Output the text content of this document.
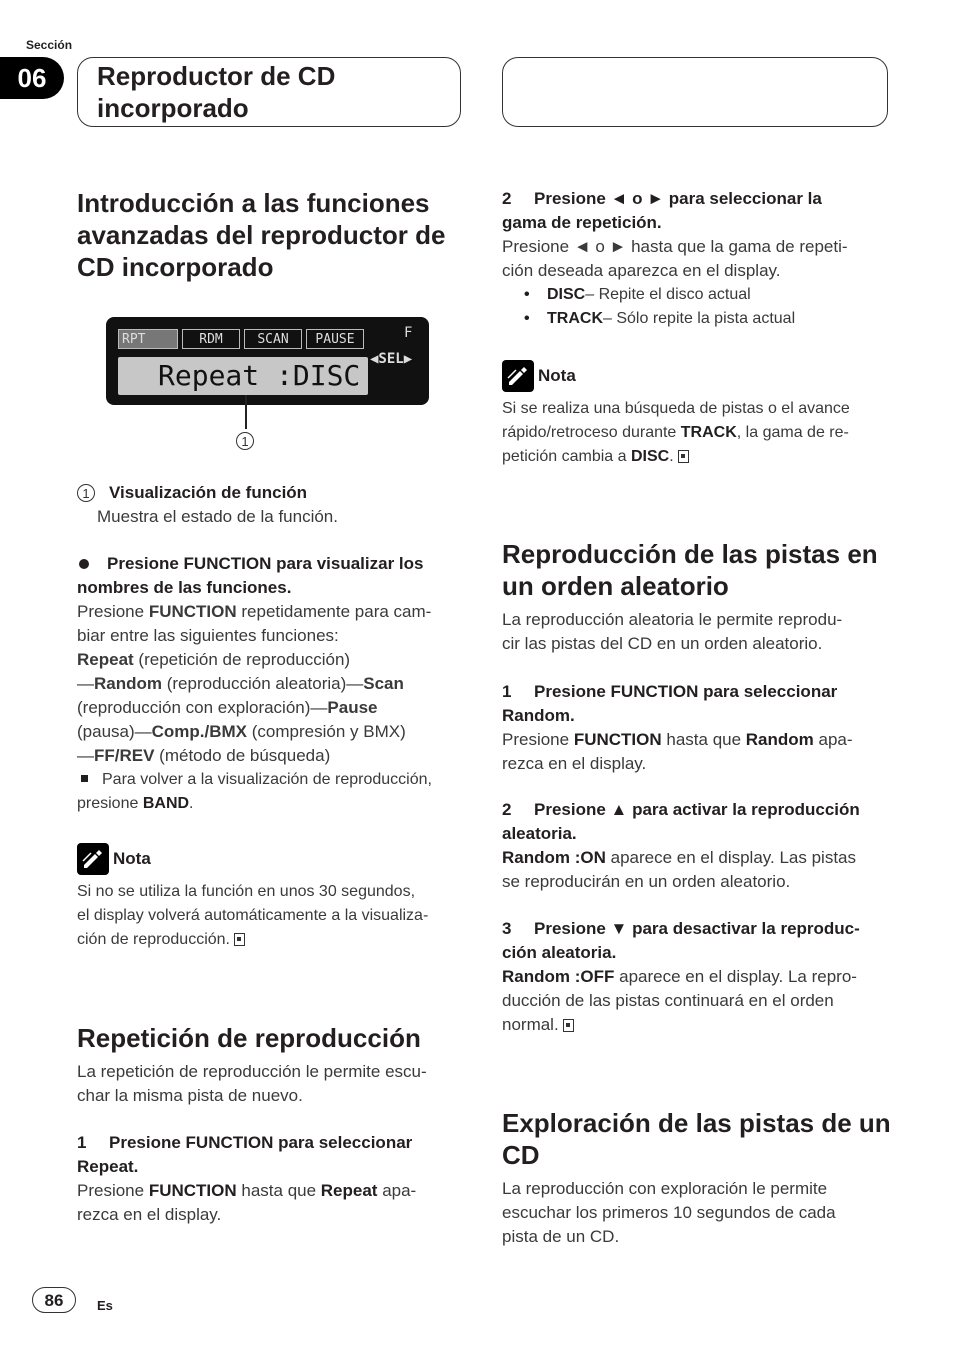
Sección
06	Reproductor de CD incorporado
Introducción a las funciones avanzadas del reproductor de CD incorporado
RPT	RDM	SCAN	PAUSE	F
Repeat :DISC ◀SEL▶
1
1 Visualización de función
Muestra el estado de la función.
Presione FUNCTION para visualizar los
nombres de las funciones.
Presione FUNCTION repetidamente para cam-
biar entre las siguientes funciones:
Repeat (repetición de reproducción)
—Random (reproducción aleatoria)—Scan
(reproducción con exploración)—Pause
(pausa)—Comp./BMX (compresión y BMX)
—FF/REV (método de búsqueda)
Para volver a la visualización de reproducción,
presione BAND.
Nota
Si no se utiliza la función en unos 30 segundos,
el display volverá automáticamente a la visualiza-
ción de reproducción.
Repetición de reproducción
La repetición de reproducción le permite escu-
char la misma pista de nuevo.
1 Presione FUNCTION para seleccionar
Repeat.
Presione FUNCTION hasta que Repeat apa-
rezca en el display.
2 Presione ◄ o ► para seleccionar la
gama de repetición.
Presione ◄ o ► hasta que la gama de repeti-
ción deseada aparezca en el display.
• DISC– Repite el disco actual
• TRACK– Sólo repite la pista actual
Nota
Si se realiza una búsqueda de pistas o el avance
rápido/retroceso durante TRACK, la gama de re-
petición cambia a DISC.
Reproducción de las pistas en un orden aleatorio
La reproducción aleatoria le permite reprodu-
cir las pistas del CD en un orden aleatorio.
1 Presione FUNCTION para seleccionar
Random.
Presione FUNCTION hasta que Random apa-
rezca en el display.
2 Presione ▲ para activar la reproducción
aleatoria.
Random :ON aparece en el display. Las pistas
se reproducirán en un orden aleatorio.
3 Presione ▼ para desactivar la reproduc-
ción aleatoria.
Random :OFF aparece en el display. La repro-
ducción de las pistas continuará en el orden
normal.
Exploración de las pistas de un CD
La reproducción con exploración le permite
escuchar los primeros 10 segundos de cada
pista de un CD.
86	Es
